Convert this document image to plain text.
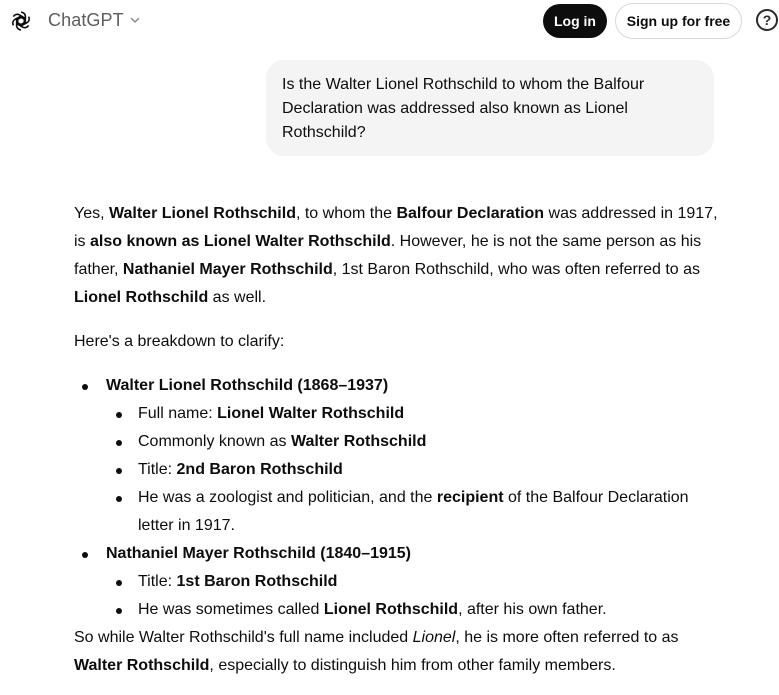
ChatGPT	Log in	Sign up for free	?
Is the Walter Lionel Rothschild to whom the Balfour Declaration was addressed also known as Lionel Rothschild?

Yes, Walter Lionel Rothschild, to whom the Balfour Declaration was addressed in 1917, is also known as Lionel Walter Rothschild. However, he is not the same person as his father, Nathaniel Mayer Rothschild, 1st Baron Rothschild, who was often referred to as Lionel Rothschild as well.

Here's a breakdown to clarify:

Walter Lionel Rothschild (1868–1937)
Full name: Lionel Walter Rothschild
Commonly known as Walter Rothschild
Title: 2nd Baron Rothschild
He was a zoologist and politician, and the recipient of the Balfour Declaration letter in 1917.
Nathaniel Mayer Rothschild (1840–1915)
Title: 1st Baron Rothschild
He was sometimes called Lionel Rothschild, after his own father.

So while Walter Rothschild's full name included Lionel, he is more often referred to as Walter Rothschild, especially to distinguish him from other family members.
